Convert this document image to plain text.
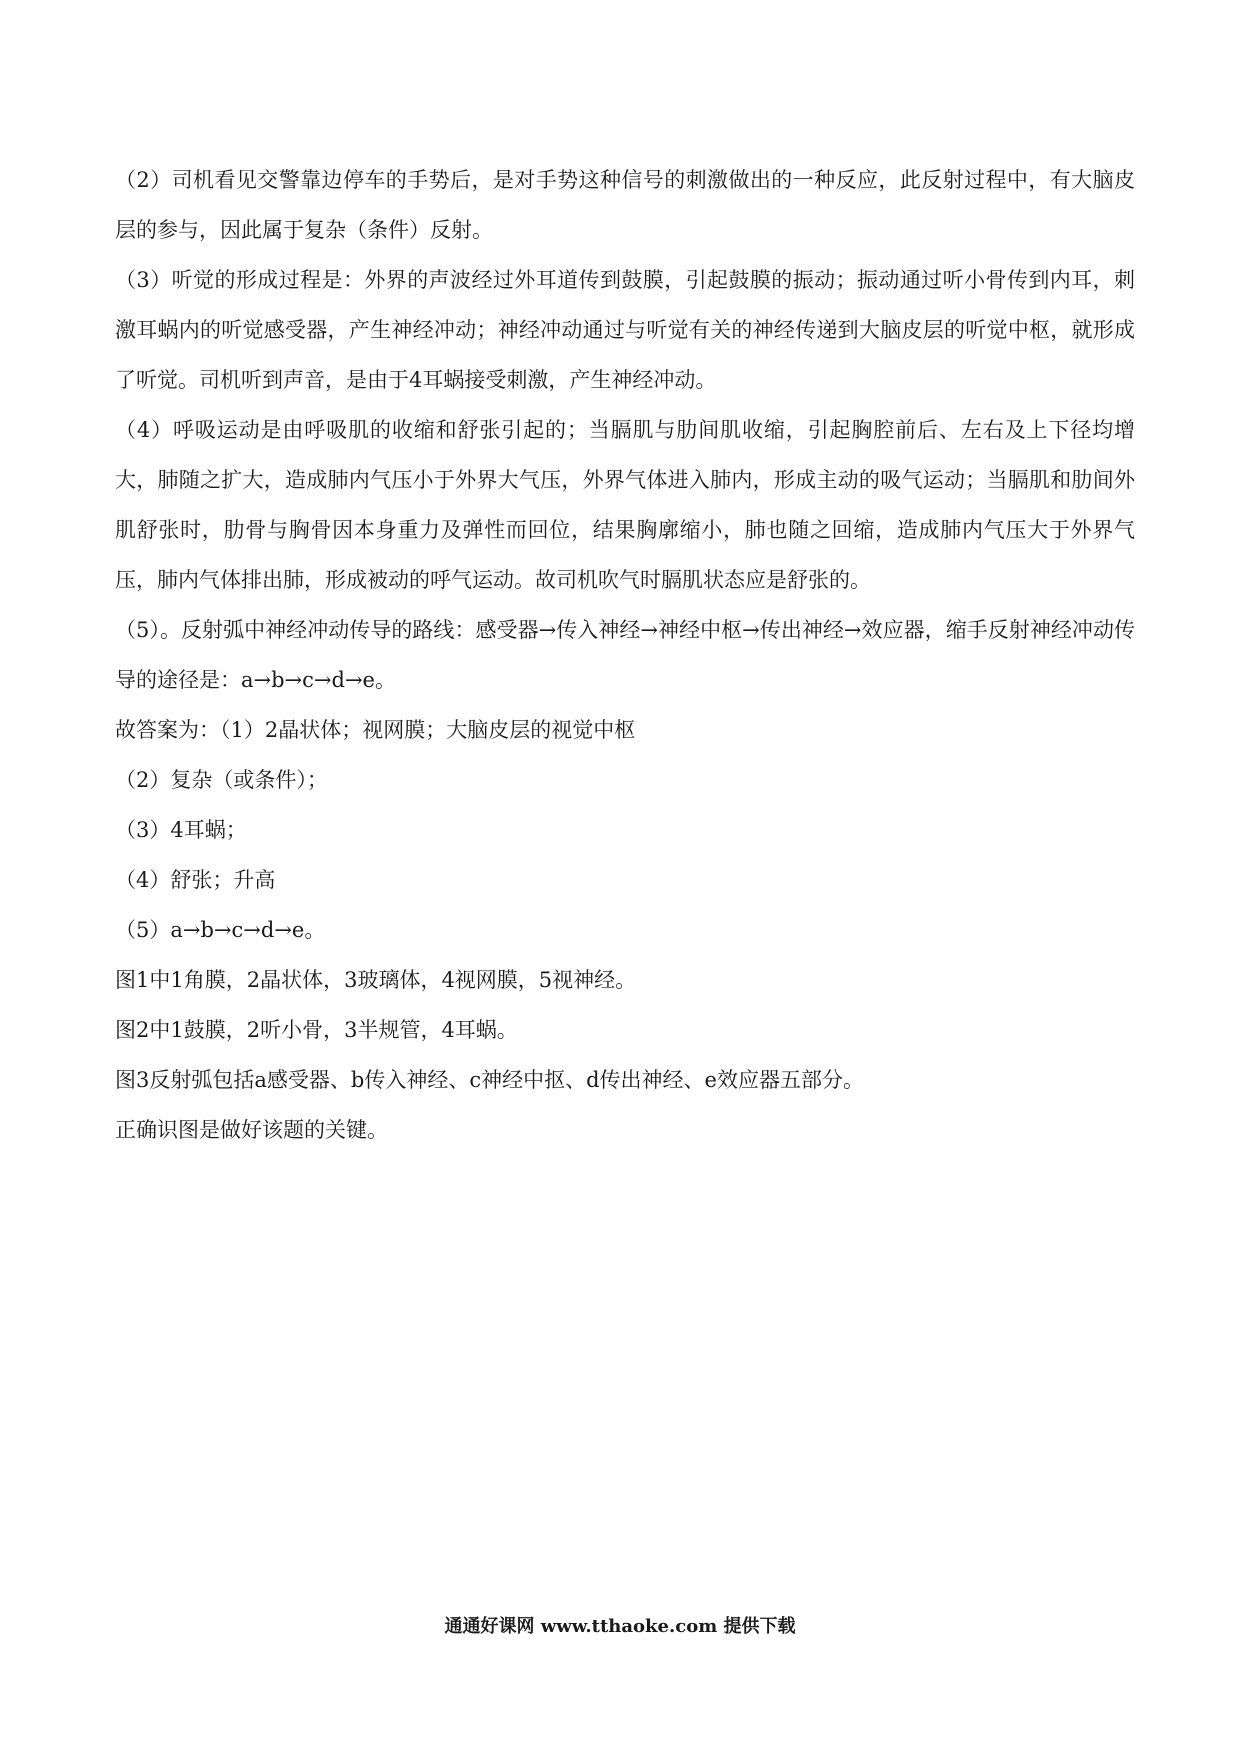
（2）司机看见交警靠边停车的手势后，是对手势这种信号的刺激做出的一种反应，此反射过程中，有大脑皮层的参与，因此属于复杂（条件）反射。

（3）听觉的形成过程是：外界的声波经过外耳道传到鼓膜，引起鼓膜的振动；振动通过听小骨传到内耳，刺激耳蜗内的听觉感受器，产生神经冲动；神经冲动通过与听觉有关的神经传递到大脑皮层的听觉中枢，就形成了听觉。司机听到声音，是由于4耳蜗接受刺激，产生神经冲动。

（4）呼吸运动是由呼吸肌的收缩和舒张引起的；当膈肌与肋间肌收缩，引起胸腔前后、左右及上下径均增大，肺随之扩大，造成肺内气压小于外界大气压，外界气体进入肺内，形成主动的吸气运动；当膈肌和肋间外肌舒张时，肋骨与胸骨因本身重力及弹性而回位，结果胸廓缩小，肺也随之回缩，造成肺内气压大于外界气压，肺内气体排出肺，形成被动的呼气运动。故司机吹气时膈肌状态应是舒张的。

（5）。反射弧中神经冲动传导的路线：感受器→传入神经→神经中枢→传出神经→效应器，缩手反射神经冲动传导的途径是：a→b→c→d→e。

故答案为：（1）2晶状体；视网膜；大脑皮层的视觉中枢

（2）复杂（或条件）；

（3）4耳蜗；

（4）舒张；升高

（5）a→b→c→d→e。

图1中1角膜，2晶状体，3玻璃体，4视网膜，5视神经。

图2中1鼓膜，2听小骨，3半规管，4耳蜗。

图3反射弧包括a感受器、b传入神经、c神经中抠、d传出神经、e效应器五部分。

正确识图是做好该题的关键。

通通好课网 www.tthaoke.com 提供下载
